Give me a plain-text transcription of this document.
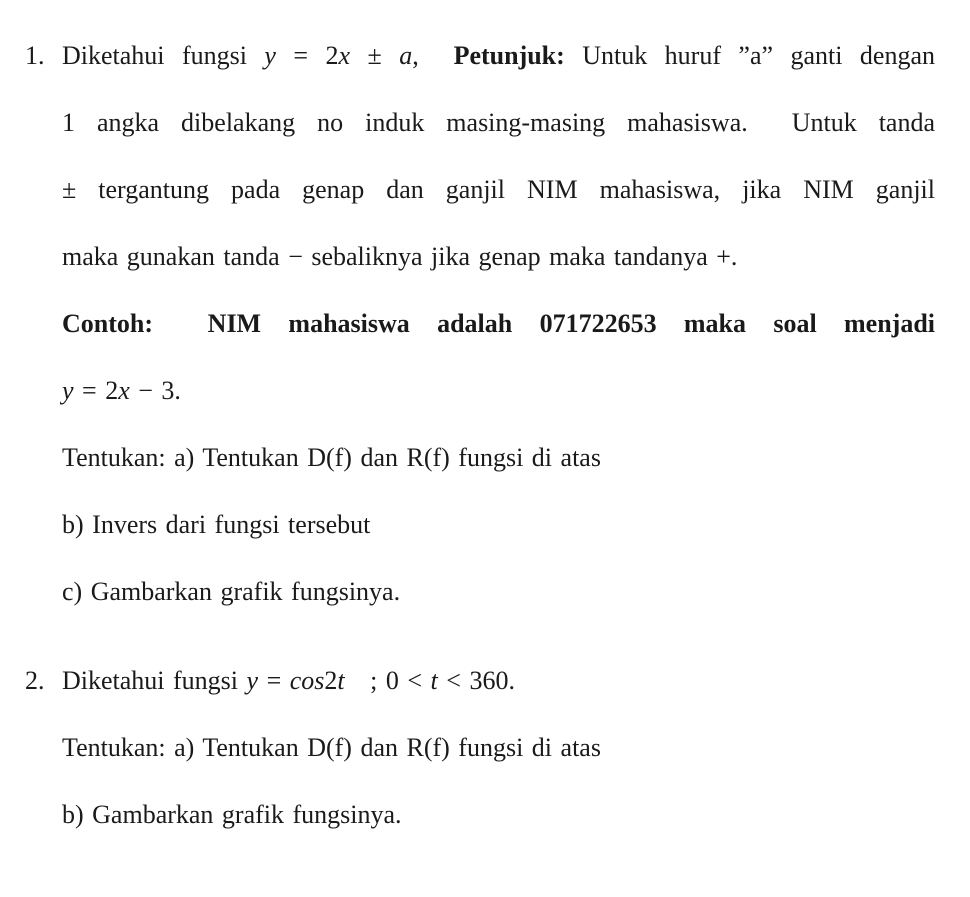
1. Diketahui fungsi y = 2x ± a,  Petunjuk: Untuk huruf ”a” ganti dengan
1 angka dibelakang no induk masing-masing mahasiswa.  Untuk tanda
± tergantung pada genap dan ganjil NIM mahasiswa, jika NIM ganjil
maka gunakan tanda − sebaliknya jika genap maka tandanya +.
Contoh:  NIM mahasiswa adalah 071722653 maka soal menjadi
y = 2x − 3.
Tentukan: a) Tentukan D(f) dan R(f) fungsi di atas
b) Invers dari fungsi tersebut
c) Gambarkan grafik fungsinya.
2. Diketahui fungsi y = cos2t   ; 0 < t < 360.
Tentukan: a) Tentukan D(f) dan R(f) fungsi di atas
b) Gambarkan grafik fungsinya.
